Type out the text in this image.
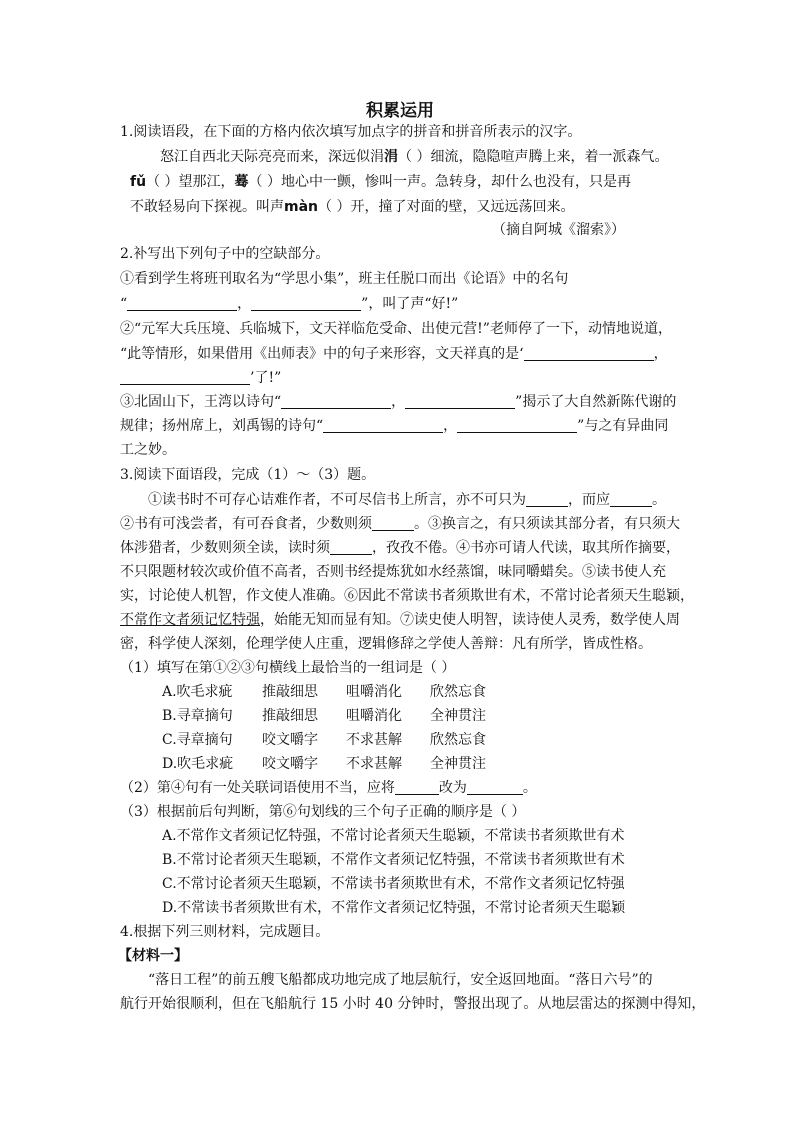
积累运用
1.阅读语段，在下面的方格内依次填写加点字的拼音和拼音所表示的汉字。
怒江自西北天际亮亮而来，深远似涓涓（ ）细流，隐隐喧声腾上来，着一派森气。
fǔ（ ）望那江，蓦（ ）地心中一颤，惨叫一声。急转身，却什么也没有，只是再
不敢轻易向下探视。叫声màn（ ）开，撞了对面的壁，又远远荡回来。
（摘自阿城《溜索》）
2.补写出下列句子中的空缺部分。
①看到学生将班刊取名为“学思小集”，班主任脱口而出《论语》中的名句
“	，	”，叫了声“好!”
②“元军大兵压境、兵临城下，文天祥临危受命、出使元营!”老师停了一下，动情地说道，
“此等情形，如果借用《出师表》中的句子来形容，文天祥真的是‘	，
’了!”
③北固山下，王湾以诗句“	，	”揭示了大自然新陈代谢的
规律；扬州席上，刘禹锡的诗句“	，	”与之有异曲同
工之妙。
3.阅读下面语段，完成（1）～（3）题。
①读书时不可存心诘难作者，不可尽信书上所言，亦不可只为	，而应	。
②书有可浅尝者，有可吞食者，少数则须	。③换言之，有只须读其部分者，有只须大
体涉猎者，少数则须全读，读时须	，孜孜不倦。④书亦可请人代读，取其所作摘要，
不只限题材较次或价值不高者，否则书经提炼犹如水经蒸馏，味同嚼蜡矣。⑤读书使人充
实，讨论使人机智，作文使人准确。⑥因此不常读书者须欺世有术，不常讨论者须天生聪颖，
不常作文者须记忆特强，始能无知而显有知。⑦读史使人明智，读诗使人灵秀，数学使人周
密，科学使人深刻，伦理学使人庄重，逻辑修辞之学使人善辩：凡有所学，皆成性格。
（1）填写在第①②③句横线上最恰当的一组词是（ ）
A.吹毛求疵 推敲细思 咀嚼消化 欣然忘食
B.寻章摘句 推敲细思 咀嚼消化 全神贯注
C.寻章摘句 咬文嚼字 不求甚解 欣然忘食
D.吹毛求疵 咬文嚼字 不求甚解 全神贯注
（2）第④句有一处关联词语使用不当，应将	改为	。
（3）根据前后句判断，第⑥句划线的三个句子正确的顺序是（ ）
A.不常作文者须记忆特强，不常讨论者须天生聪颖，不常读书者须欺世有术
B.不常讨论者须天生聪颖，不常作文者须记忆特强，不常读书者须欺世有术
C.不常讨论者须天生聪颖，不常读书者须欺世有术，不常作文者须记忆特强
D.不常读书者须欺世有术，不常作文者须记忆特强，不常讨论者须天生聪颖
4.根据下列三则材料，完成题目。
【材料一】
“落日工程”的前五艘飞船都成功地完成了地层航行，安全返回地面。“落日六号”的
航行开始很顺利，但在飞船航行 15 小时 40 分钟时，警报出现了。从地层雷达的探测中得知，
